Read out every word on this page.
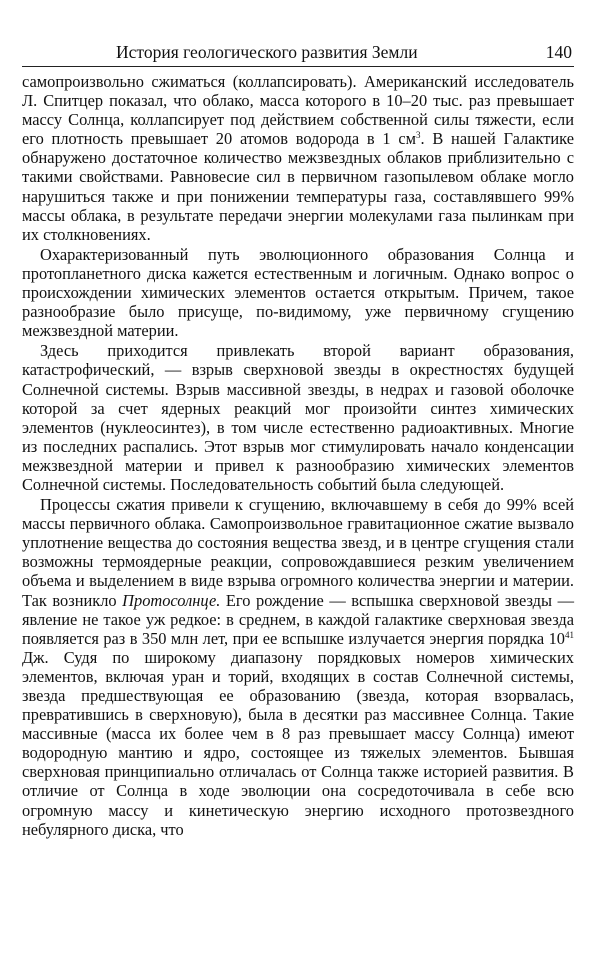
История геологического развития Земли	140

самопроизвольно сжиматься (коллапсировать). Американский исследователь Л. Спитцер показал, что облако, масса которого в 10–20 тыс. раз превышает массу Солнца, коллапсирует под действием собственной силы тяжести, если его плотность превышает 20 атомов водорода в 1 $см^3$. В нашей Галактике обнаружено достаточное количество межзвездных облаков приблизительно с такими свойствами. Равновесие сил в первичном газопылевом облаке могло нарушиться также и при понижении температуры газа, составлявшего 99% массы облака, в результате передачи энергии молекулами газа пылинкам при их столкновениях.

Охарактеризованный путь эволюционного образования Солнца и протопланетного диска кажется естественным и логичным. Однако вопрос о происхождении химических элементов остается открытым. Причем, такое разнообразие было присуще, по-видимому, уже первичному сгущению межзвездной материи.

Здесь приходится привлекать второй вариант образования, катастрофический, — взрыв сверхновой звезды в окрестностях будущей Солнечной системы. Взрыв массивной звезды, в недрах и газовой оболочке которой за счет ядерных реакций мог произойти синтез химических элементов (нуклеосинтез), в том числе естественно радиоактивных. Многие из последних распались. Этот взрыв мог стимулировать начало конденсации межзвездной материи и привел к разнообразию химических элементов Солнечной системы. Последовательность событий была следующей.

Процессы сжатия привели к сгущению, включавшему в себя до 99% всей массы первичного облака. Самопроизвольное гравитационное сжатие вызвало уплотнение вещества до состояния вещества звезд, и в центре сгущения стали возможны термоядерные реакции, сопровождавшиеся резким увеличением объема и выделением в виде взрыва огромного количества энергии и материи. Так возникло Протосолнце. Его рождение — вспышка сверхновой звезды — явление не такое уж редкое: в среднем, в каждой галактике сверхновая звезда появляется раз в 350 млн лет, при ее вспышке излучается энергия порядка $10^{41}$ Дж. Судя по широкому диапазону порядковых номеров химических элементов, включая уран и торий, входящих в состав Солнечной системы, звезда предшествующая ее образованию (звезда, которая взорвалась, превратившись в сверхновую), была в десятки раз массивнее Солнца. Такие массивные (масса их более чем в 8 раз превышает массу Солнца) имеют водородную мантию и ядро, состоящее из тяжелых элементов. Бывшая сверхновая принципиально отличалась от Солнца также историей развития. В отличие от Солнца в ходе эволюции она сосредоточивала в себе всю огромную массу и кинетическую энергию исходного протозвездного небулярного диска, что
